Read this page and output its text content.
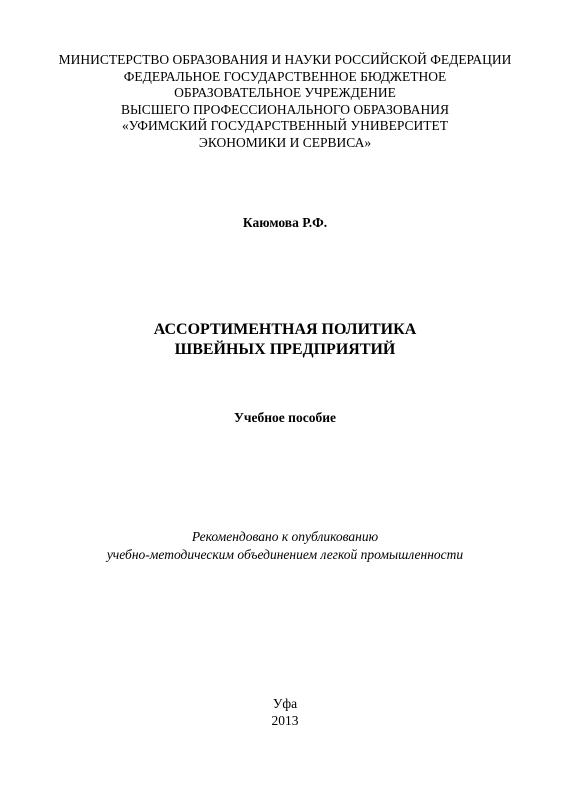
МИНИСТЕРСТВО ОБРАЗОВАНИЯ И НАУКИ РОССИЙСКОЙ ФЕДЕРАЦИИ
ФЕДЕРАЛЬНОЕ ГОСУДАРСТВЕННОЕ БЮДЖЕТНОЕ
ОБРАЗОВАТЕЛЬНОЕ УЧРЕЖДЕНИЕ
ВЫСШЕГО ПРОФЕССИОНАЛЬНОГО ОБРАЗОВАНИЯ
«УФИМСКИЙ ГОСУДАРСТВЕННЫЙ УНИВЕРСИТЕТ
ЭКОНОМИКИ И СЕРВИСА»
Каюмова Р.Ф.
АССОРТИМЕНТНАЯ ПОЛИТИКА
ШВЕЙНЫХ ПРЕДПРИЯТИЙ
Учебное пособие
Рекомендовано к опубликованию
учебно-методическим объединением легкой промышленности
Уфа
2013
